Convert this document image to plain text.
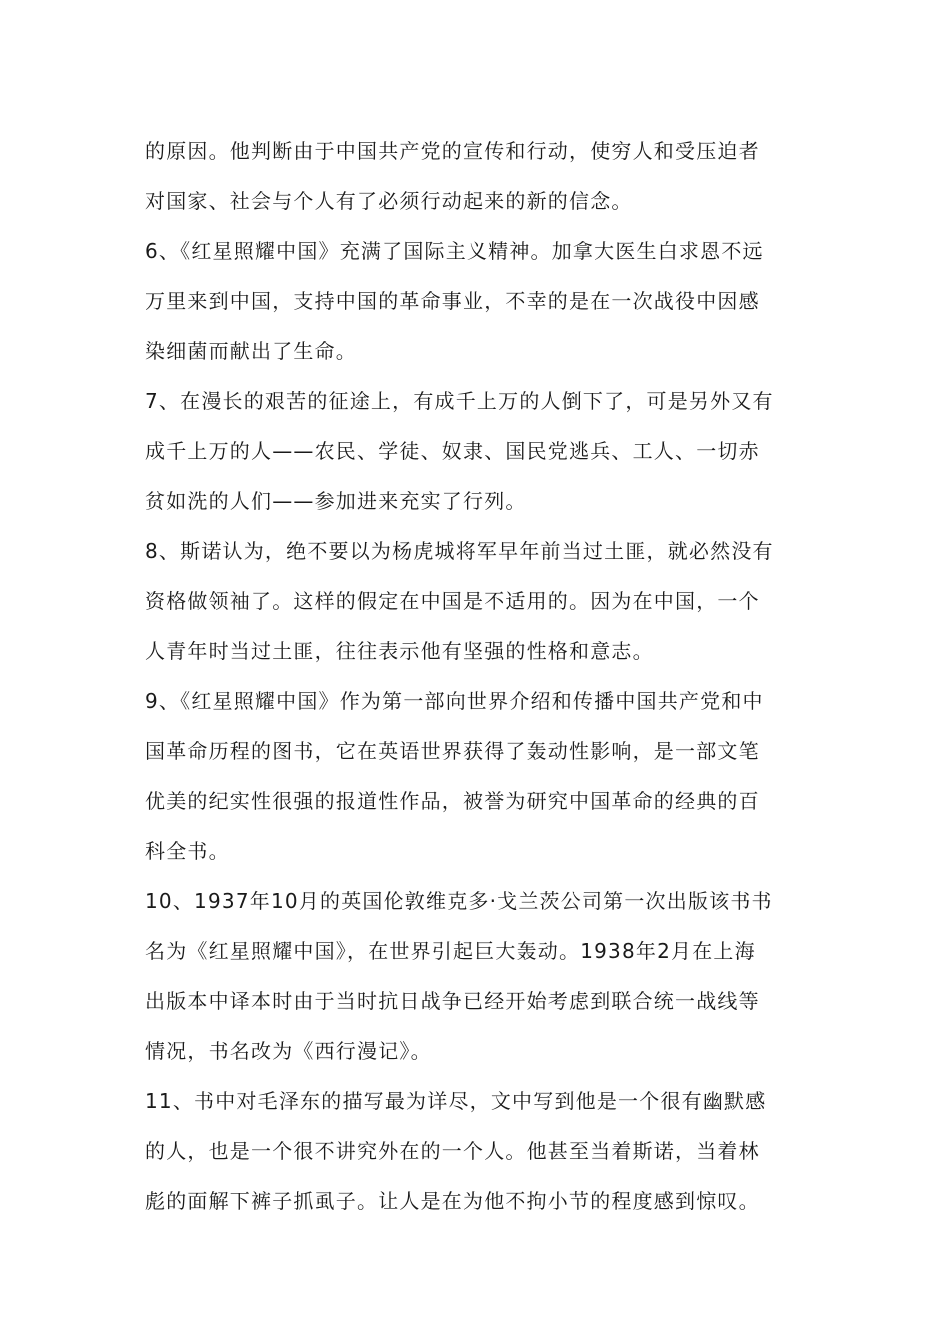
的原因。他判断由于中国共产党的宣传和行动，使穷人和受压迫者
对国家、社会与个人有了必须行动起来的新的信念。
6、《红星照耀中国》充满了国际主义精神。加拿大医生白求恩不远
万里来到中国，支持中国的革命事业，不幸的是在一次战役中因感
染细菌而献出了生命。
7、在漫长的艰苦的征途上，有成千上万的人倒下了，可是另外又有
成千上万的人——农民、学徒、奴隶、国民党逃兵、工人、一切赤
贫如洗的人们——参加进来充实了行列。
8、斯诺认为，绝不要以为杨虎城将军早年前当过土匪，就必然没有
资格做领袖了。这样的假定在中国是不适用的。因为在中国，一个
人青年时当过土匪，往往表示他有坚强的性格和意志。
9、《红星照耀中国》作为第一部向世界介绍和传播中国共产党和中
国革命历程的图书，它在英语世界获得了轰动性影响，是一部文笔
优美的纪实性很强的报道性作品，被誉为研究中国革命的经典的百
科全书。
10、1937年10月的英国伦敦维克多·戈兰茨公司第一次出版该书书
名为《红星照耀中国》，在世界引起巨大轰动。1938年2月在上海
出版本中译本时由于当时抗日战争已经开始考虑到联合统一战线等
情况，书名改为《西行漫记》。
11、书中对毛泽东的描写最为详尽，文中写到他是一个很有幽默感
的人，也是一个很不讲究外在的一个人。他甚至当着斯诺，当着林
彪的面解下裤子抓虱子。让人是在为他不拘小节的程度感到惊叹。
